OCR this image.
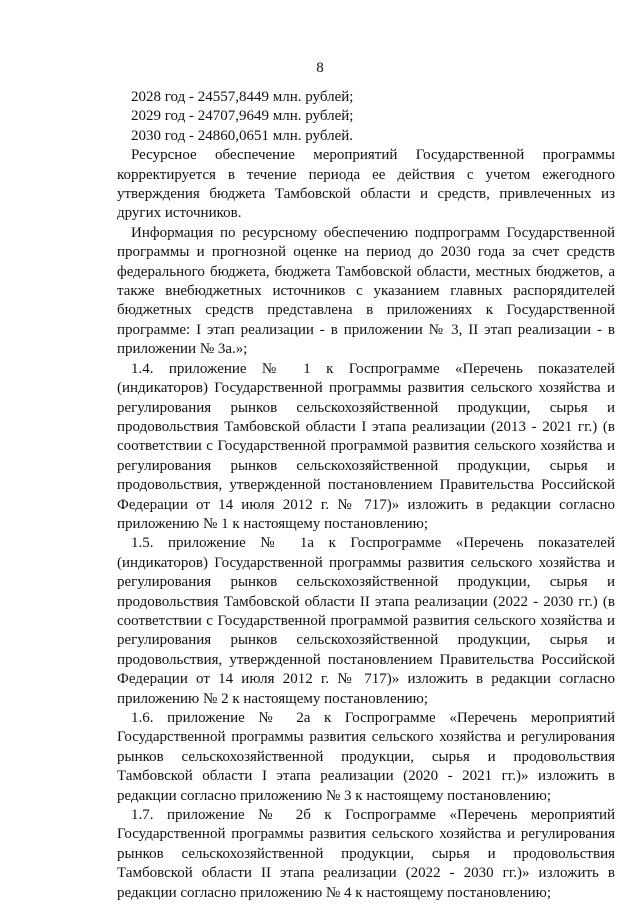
8
2028 год - 24557,8449 млн. рублей;
2029 год - 24707,9649 млн. рублей;
2030 год - 24860,0651 млн. рублей.

Ресурсное обеспечение мероприятий Государственной программы корректируется в течение периода ее действия с учетом ежегодного утверждения бюджета Тамбовской области и средств, привлеченных из других источников.

Информация по ресурсному обеспечению подпрограмм Государственной программы и прогнозной оценке на период до 2030 года за счет средств федерального бюджета, бюджета Тамбовской области, местных бюджетов, а также внебюджетных источников с указанием главных распорядителей бюджетных средств представлена в приложениях к Государственной программе: I этап реализации - в приложении № 3, II этап реализации - в приложении № 3а.»;

1.4. приложение № 1 к Госпрограмме «Перечень показателей (индикаторов) Государственной программы развития сельского хозяйства и регулирования рынков сельскохозяйственной продукции, сырья и продовольствия Тамбовской области I этапа реализации (2013 - 2021 гг.) (в соответствии с Государственной программой развития сельского хозяйства и регулирования рынков сельскохозяйственной продукции, сырья и продовольствия, утвержденной постановлением Правительства Российской Федерации от 14 июля 2012 г. № 717)» изложить в редакции согласно приложению № 1 к настоящему постановлению;

1.5. приложение № 1а к Госпрограмме «Перечень показателей (индикаторов) Государственной программы развития сельского хозяйства и регулирования рынков сельскохозяйственной продукции, сырья и продовольствия Тамбовской области II этапа реализации (2022 - 2030 гг.) (в соответствии с Государственной программой развития сельского хозяйства и регулирования рынков сельскохозяйственной продукции, сырья и продовольствия, утвержденной постановлением Правительства Российской Федерации от 14 июля 2012 г. № 717)» изложить в редакции согласно приложению № 2 к настоящему постановлению;

1.6. приложение № 2а к Госпрограмме «Перечень мероприятий Государственной программы развития сельского хозяйства и регулирования рынков сельскохозяйственной продукции, сырья и продовольствия Тамбовской области I этапа реализации (2020 - 2021 гг.)» изложить в редакции согласно приложению № 3 к настоящему постановлению;

1.7. приложение № 2б к Госпрограмме «Перечень мероприятий Государственной программы развития сельского хозяйства и регулирования рынков сельскохозяйственной продукции, сырья и продовольствия Тамбовской области II этапа реализации (2022 - 2030 гг.)» изложить в редакции согласно приложению № 4 к настоящему постановлению;
